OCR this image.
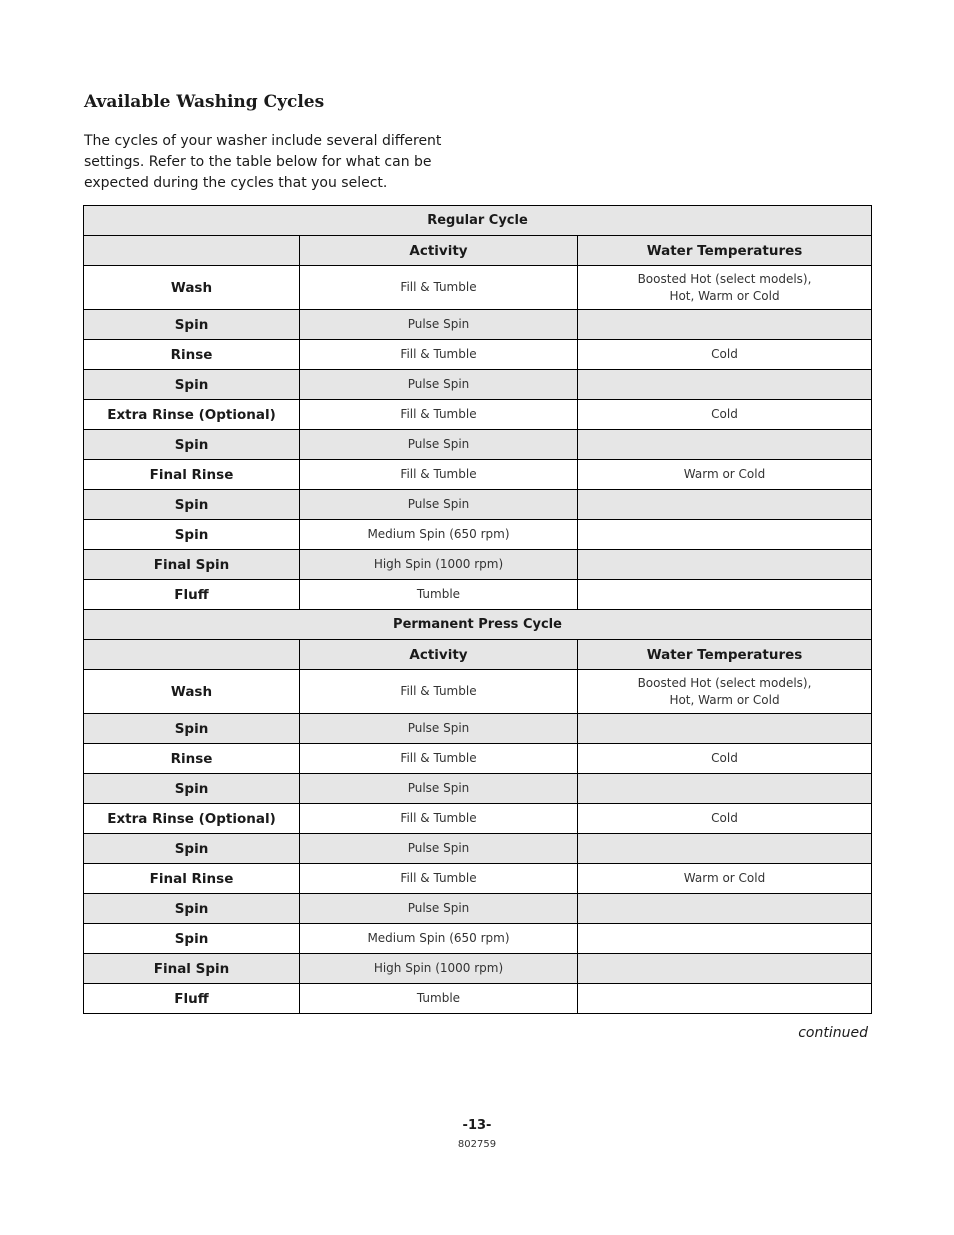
Available Washing Cycles

The cycles of your washer include several different settings. Refer to the table below for what can be expected during the cycles that you select.

Regular Cycle		
	Activity	Water Temperatures
Wash	Fill & Tumble	Boosted Hot (select models),
Hot, Warm or Cold
Spin	Pulse Spin	
Rinse	Fill & Tumble	Cold
Spin	Pulse Spin	
Extra Rinse (Optional)	Fill & Tumble	Cold
Spin	Pulse Spin	
Final Rinse	Fill & Tumble	Warm or Cold
Spin	Pulse Spin	
Spin	Medium Spin (650 rpm)	
Final Spin	High Spin (1000 rpm)	
Fluff	Tumble	
Permanent Press Cycle		
	Activity	Water Temperatures
Wash	Fill & Tumble	Boosted Hot (select models),
Hot, Warm or Cold
Spin	Pulse Spin	
Rinse	Fill & Tumble	Cold
Spin	Pulse Spin	
Extra Rinse (Optional)	Fill & Tumble	Cold
Spin	Pulse Spin	
Final Rinse	Fill & Tumble	Warm or Cold
Spin	Pulse Spin	
Spin	Medium Spin (650 rpm)	
Final Spin	High Spin (1000 rpm)	
Fluff	Tumble	
continued
-13-
802759
